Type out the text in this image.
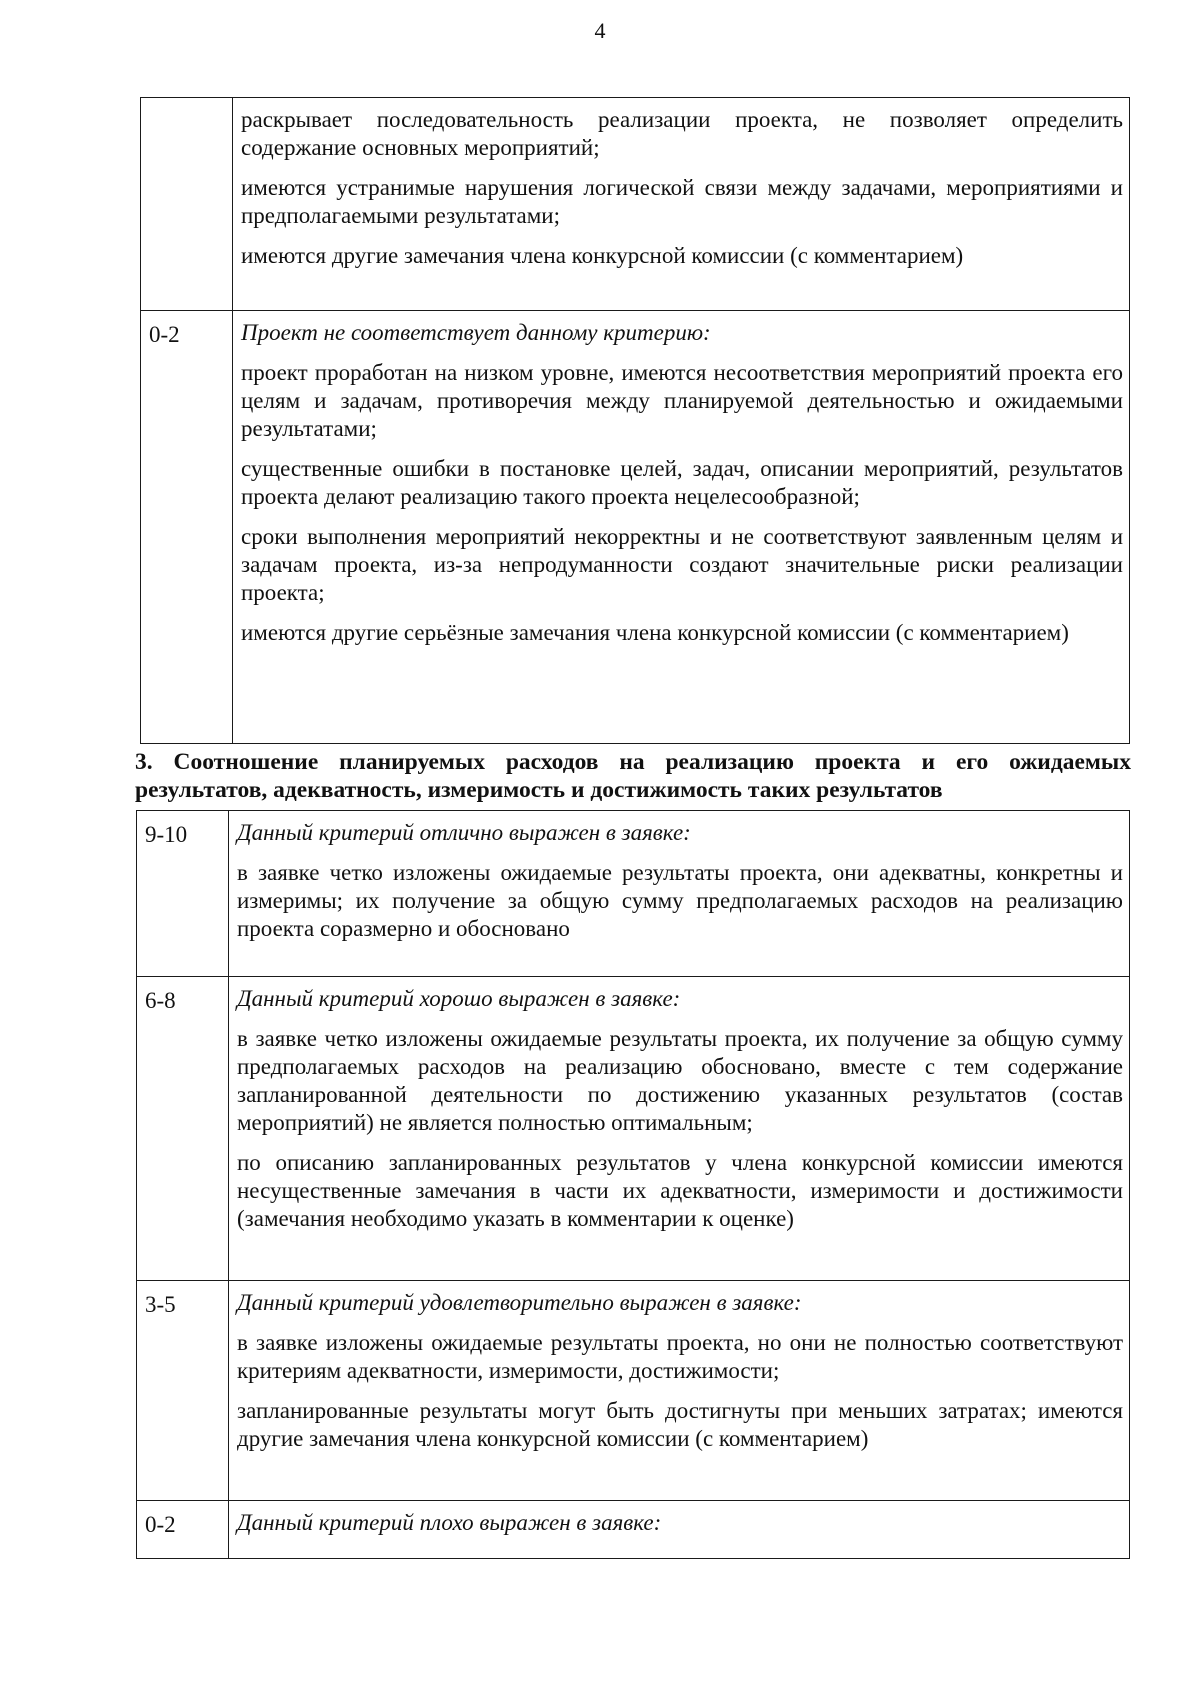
4

	раскрывает последовательность реализации проекта, не позволяет определить содержание основных мероприятий;

имеются устранимые нарушения логической связи между задачами, мероприятиями и предполагаемыми результатами;

имеются другие замечания члена конкурсной комиссии (с комментарием)

0-2	Проект не соответствует данному критерию:

проект проработан на низком уровне, имеются несоответствия мероприятий проекта его целям и задачам, противоречия между планируемой деятельностью и ожидаемыми результатами;

существенные ошибки в постановке целей, задач, описании мероприятий, результатов проекта делают реализацию такого проекта нецелесообразной;

сроки выполнения мероприятий некорректны и не соответствуют заявленным целям и задачам проекта, из-за непродуманности создают значительные риски реализации проекта;

имеются другие серьёзные замечания члена конкурсной комиссии (с комментарием)

3. Соотношение планируемых расходов на реализацию проекта и его ожидаемых результатов, адекватность, измеримость и достижимость таких результатов
9-10	Данный критерий отлично выражен в заявке:

в заявке четко изложены ожидаемые результаты проекта, они адекватны, конкретны и измеримы; их получение за общую сумму предполагаемых расходов на реализацию проекта соразмерно и обосновано

6-8	Данный критерий хорошо выражен в заявке:

в заявке четко изложены ожидаемые результаты проекта, их получение за общую сумму предполагаемых расходов на реализацию обосновано, вместе с тем содержание запланированной деятельности по достижению указанных результатов (состав мероприятий) не является полностью оптимальным;

по описанию запланированных результатов у члена конкурсной комиссии имеются несущественные замечания в части их адекватности, измеримости и достижимости (замечания необходимо указать в комментарии к оценке)

3-5	Данный критерий удовлетворительно выражен в заявке:

в заявке изложены ожидаемые результаты проекта, но они не полностью соответствуют критериям адекватности, измеримости, достижимости;

запланированные результаты могут быть достигнуты при меньших затратах; имеются другие замечания члена конкурсной комиссии (с комментарием)

0-2	Данный критерий плохо выражен в заявке:
